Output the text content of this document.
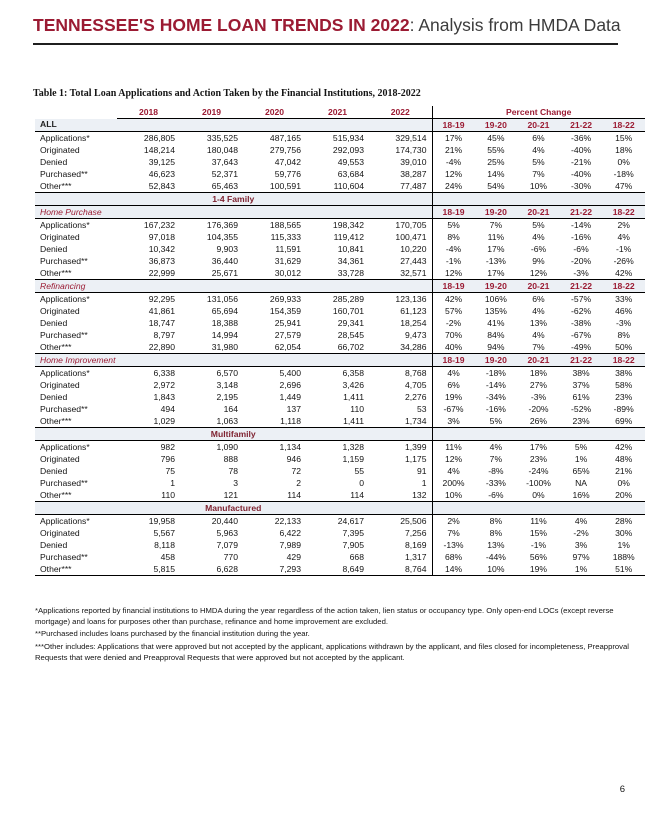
TENNESSEE'S HOME LOAN TRENDS IN 2022: Analysis from HMDA Data
Table 1: Total Loan Applications and Action Taken by the Financial Institutions, 2018-2022
	2018	2019	2020	2021	2022	Percent Change				
ALL						18-19	19-20	20-21	21-22	18-22
Applications*	286,805	335,525	487,165	515,934	329,514	17%	45%	6%	-36%	15%
Originated	148,214	180,048	279,756	292,093	174,730	21%	55%	4%	-40%	18%
Denied	39,125	37,643	47,042	49,553	39,010	-4%	25%	5%	-21%	0%
Purchased**	46,623	52,371	59,776	63,684	38,287	12%	14%	7%	-40%	-18%
Other***	52,843	65,463	100,591	110,604	77,487	24%	54%	10%	-30%	47%
1-4 Family										
Home Purchase						18-19	19-20	20-21	21-22	18-22
Applications*	167,232	176,369	188,565	198,342	170,705	5%	7%	5%	-14%	2%
Originated	97,018	104,355	115,333	119,412	100,471	8%	11%	4%	-16%	4%
Denied	10,342	9,903	11,591	10,841	10,220	-4%	17%	-6%	-6%	-1%
Purchased**	36,873	36,440	31,629	34,361	27,443	-1%	-13%	9%	-20%	-26%
Other***	22,999	25,671	30,012	33,728	32,571	12%	17%	12%	-3%	42%
Refinancing						18-19	19-20	20-21	21-22	18-22
Applications*	92,295	131,056	269,933	285,289	123,136	42%	106%	6%	-57%	33%
Originated	41,861	65,694	154,359	160,701	61,123	57%	135%	4%	-62%	46%
Denied	18,747	18,388	25,941	29,341	18,254	-2%	41%	13%	-38%	-3%
Purchased**	8,797	14,994	27,579	28,545	9,473	70%	84%	4%	-67%	8%
Other***	22,890	31,980	62,054	66,702	34,286	40%	94%	7%	-49%	50%
Home Improvement						18-19	19-20	20-21	21-22	18-22
Applications*	6,338	6,570	5,400	6,358	8,768	4%	-18%	18%	38%	38%
Originated	2,972	3,148	2,696	3,426	4,705	6%	-14%	27%	37%	58%
Denied	1,843	2,195	1,449	1,411	2,276	19%	-34%	-3%	61%	23%
Purchased**	494	164	137	110	53	-67%	-16%	-20%	-52%	-89%
Other***	1,029	1,063	1,118	1,411	1,734	3%	5%	26%	23%	69%
Multifamily										
Applications*	982	1,090	1,134	1,328	1,399	11%	4%	17%	5%	42%
Originated	796	888	946	1,159	1,175	12%	7%	23%	1%	48%
Denied	75	78	72	55	91	4%	-8%	-24%	65%	21%
Purchased**	1	3	2	0	1	200%	-33%	-100%	NA	0%
Other***	110	121	114	114	132	10%	-6%	0%	16%	20%
Manufactured										
Applications*	19,958	20,440	22,133	24,617	25,506	2%	8%	11%	4%	28%
Originated	5,567	5,963	6,422	7,395	7,256	7%	8%	15%	-2%	30%
Denied	8,118	7,079	7,989	7,905	8,169	-13%	13%	-1%	3%	1%
Purchased**	458	770	429	668	1,317	68%	-44%	56%	97%	188%
Other***	5,815	6,628	7,293	8,649	8,764	14%	10%	19%	1%	51%

*Applications reported by financial institutions to HMDA during the year regardless of the action taken, lien status or occupancy type. Only open-end LOCs (except reverse mortgage) and loans for purposes other than purchase, refinance and home improvement are excluded.

**Purchased includes loans purchased by the financial institution during the year.

***Other includes: Applications that were approved but not accepted by the applicant, applications withdrawn by the applicant, and files closed for incompleteness, Preapproval Requests that were denied and Preapproval Requests that were approved but not accepted by the applicant.

6
